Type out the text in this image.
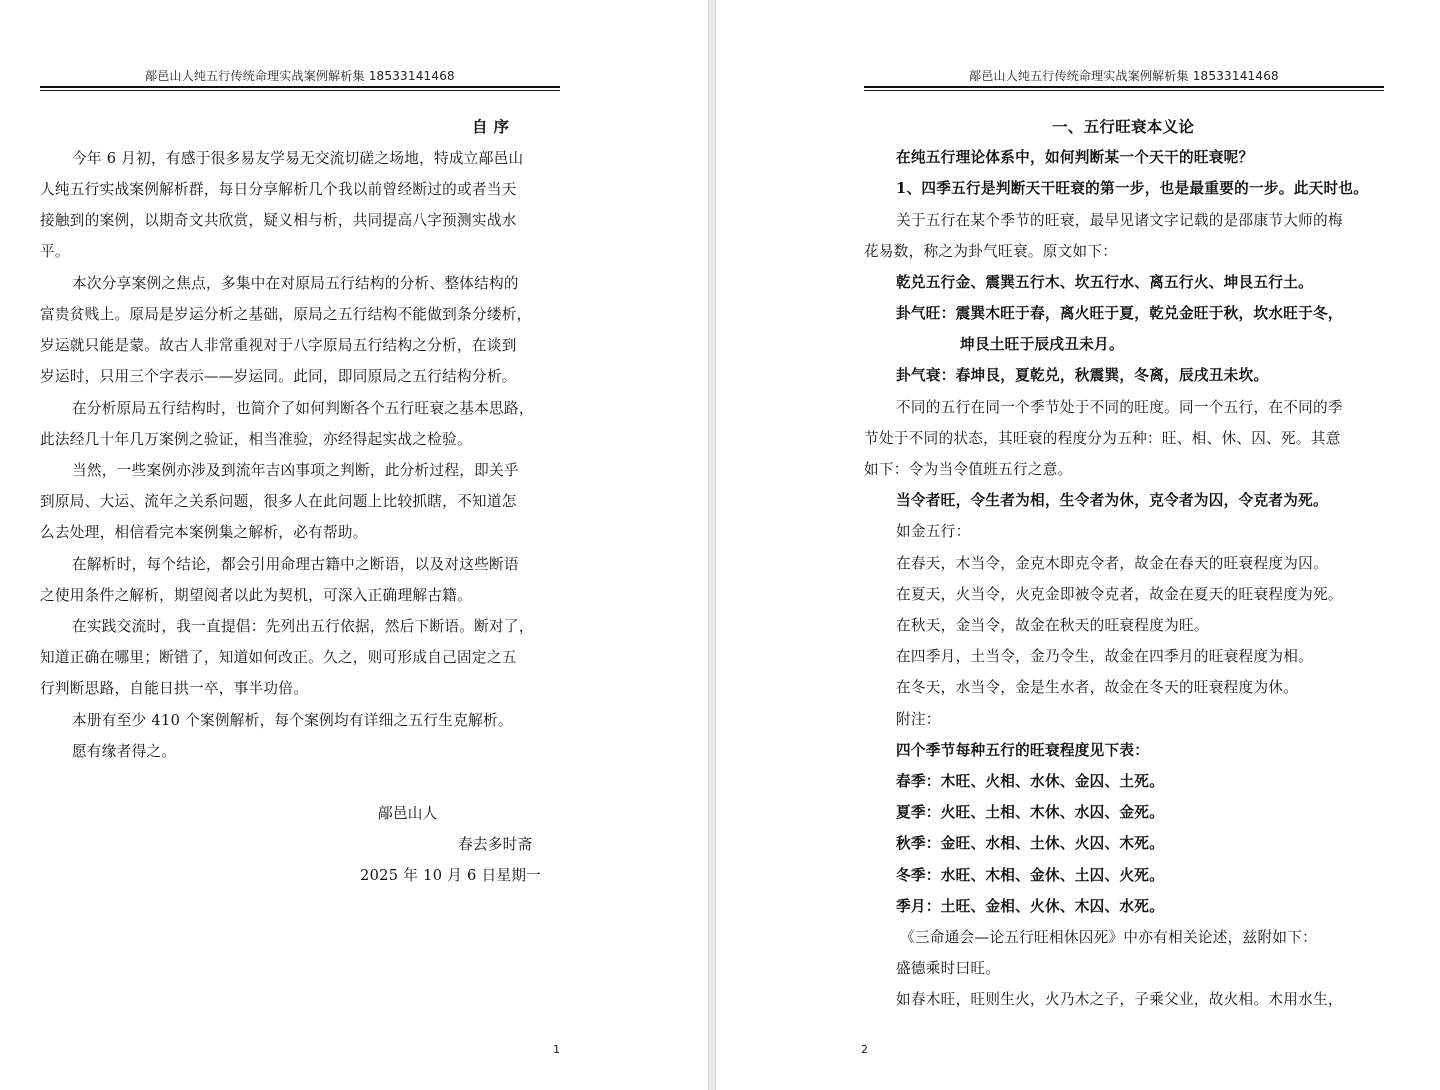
鄗邑山人纯五行传统命理实战案例解析集 18533141468
自 序
今年 6 月初，有感于很多易友学易无交流切磋之场地，特成立鄗邑山
人纯五行实战案例解析群，每日分享解析几个我以前曾经断过的或者当天
接触到的案例，以期奇文共欣赏，疑义相与析，共同提高八字预测实战水
平。
本次分享案例之焦点，多集中在对原局五行结构的分析、整体结构的
富贵贫贱上。原局是岁运分析之基础，原局之五行结构不能做到条分缕析，
岁运就只能是蒙。故古人非常重视对于八字原局五行结构之分析，在谈到
岁运时，只用三个字表示——岁运同。此同，即同原局之五行结构分析。
在分析原局五行结构时，也简介了如何判断各个五行旺衰之基本思路，
此法经几十年几万案例之验证，相当准验，亦经得起实战之检验。
当然，一些案例亦涉及到流年吉凶事项之判断，此分析过程，即关乎
到原局、大运、流年之关系问题，很多人在此问题上比较抓瞎，不知道怎
么去处理，相信看完本案例集之解析，必有帮助。
在解析时，每个结论，都会引用命理古籍中之断语，以及对这些断语
之使用条件之解析，期望阅者以此为契机，可深入正确理解古籍。
在实践交流时，我一直提倡：先列出五行依据，然后下断语。断对了，
知道正确在哪里；断错了，知道如何改正。久之，则可形成自己固定之五
行判断思路，自能日拱一卒，事半功倍。
本册有至少 410 个案例解析，每个案例均有详细之五行生克解析。
愿有缘者得之。
鄗邑山人
春去多时斋
2025 年 10 月 6 日星期一
1
鄗邑山人纯五行传统命理实战案例解析集 18533141468
一、五行旺衰本义论
在纯五行理论体系中，如何判断某一个天干的旺衰呢？
1、四季五行是判断天干旺衰的第一步，也是最重要的一步。此天时也。
关于五行在某个季节的旺衰，最早见诸文字记载的是邵康节大师的梅
花易数，称之为卦气旺衰。原文如下：
乾兑五行金、震巽五行木、坎五行水、离五行火、坤艮五行土。
卦气旺：震巽木旺于春，离火旺于夏，乾兑金旺于秋，坎水旺于冬，
坤艮土旺于辰戌丑未月。
卦气衰：春坤艮，夏乾兑，秋震巽，冬离，辰戌丑未坎。
不同的五行在同一个季节处于不同的旺度。同一个五行，在不同的季
节处于不同的状态，其旺衰的程度分为五种：旺、相、休、囚、死。其意
如下：令为当令值班五行之意。
当令者旺，令生者为相，生令者为休，克令者为囚，令克者为死。
如金五行：
在春天，木当令，金克木即克令者，故金在春天的旺衰程度为囚。
在夏天，火当令，火克金即被令克者，故金在夏天的旺衰程度为死。
在秋天，金当令，故金在秋天的旺衰程度为旺。
在四季月，土当令，金乃令生，故金在四季月的旺衰程度为相。
在冬天，水当令，金是生水者，故金在冬天的旺衰程度为休。
附注：
四个季节每种五行的旺衰程度见下表：
春季：木旺、火相、水休、金囚、土死。
夏季：火旺、土相、木休、水囚、金死。
秋季：金旺、水相、土休、火囚、木死。
冬季：水旺、木相、金休、土囚、火死。
季月：土旺、金相、火休、木囚、水死。
《三命通会—论五行旺相休囚死》中亦有相关论述，兹附如下：
盛德乘时曰旺。
如春木旺，旺则生火，火乃木之子，子乘父业，故火相。木用水生，
2
